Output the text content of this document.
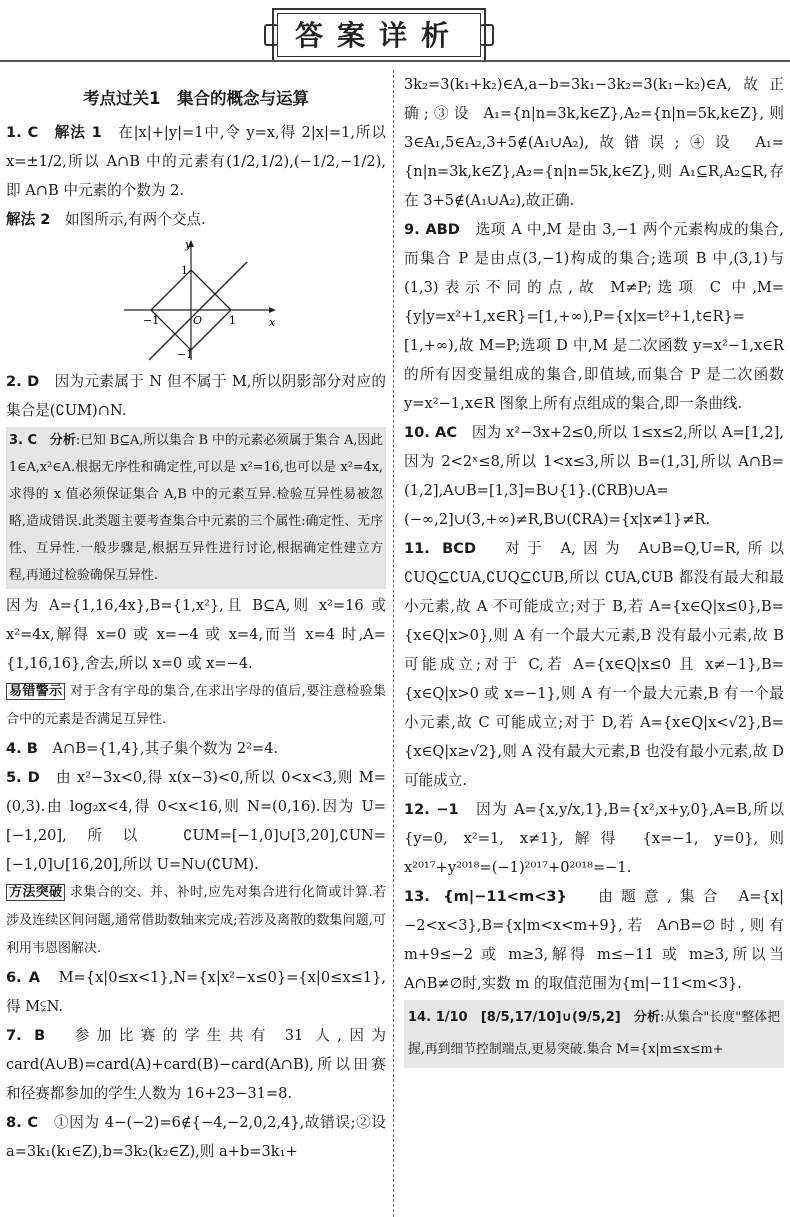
答案详析
考点过关1　集合的概念与运算

1. C　 解法 1　 在|x|+|y|=1中,令 y=x,得 2|x|=1,所以 x=±1/2,所以 A∩B 中的元素有(1/2,1/2),(−1/2,−1/2),即 A∩B 中元素的个数为 2.

解法 2　 如图所示,有两个交点.

y
x
O
1
−1
−1	1

2. D　 因为元素属于 N 但不属于 M,所以阴影部分对应的集合是(∁UM)∩N.

3. C　 分析:已知 B⊆A,所以集合 B 中的元素必须属于集合 A,因此 1∈A,x²∈A.根据无序性和确定性,可以是 x²=16,也可以是 x²=4x,求得的 x 值必须保证集合 A,B 中的元素互异.检验互异性易被忽略,造成错误.此类题主要考查集合中元素的三个属性:确定性、无序性、互异性.一般步骤是,根据互异性进行讨论,根据确定性建立方程,再通过检验确保互异性.

因为 A={1,16,4x},B={1,x²},且 B⊆A,则 x²=16 或 x²=4x,解得 x=0 或 x=−4 或 x=4,而当 x=4 时,A={1,16,16},舍去,所以 x=0 或 x=−4.

易错警示 对于含有字母的集合,在求出字母的值后,要注意检验集合中的元素是否满足互异性.

4. B　 A∩B={1,4},其子集个数为 2²=4.

5. D　 由 x²−3x<0,得 x(x−3)<0,所以 0<x<3,则 M=(0,3).由 log₂x<4,得 0<x<16,则 N=(0,16).因为 U=[−1,20],所以 ∁UM=[−1,0]∪[3,20],∁UN=[−1,0]∪[16,20],所以 U=N∪(∁UM).

方法突破 求集合的交、并、补时,应先对集合进行化简或计算.若涉及连续区间问题,通常借助数轴来完成;若涉及离散的数集问题,可利用韦恩图解决.

6. A　 M={x|0≤x<1},N={x|x²−x≤0}={x|0≤x≤1},得 M⫋N.

7. B　 参加比赛的学生共有 31 人,因为 card(A∪B)=card(A)+card(B)−card(A∩B),所以田赛和径赛都参加的学生人数为 16+23−31=8.

8. C　 ①因为 4−(−2)=6∉{−4,−2,0,2,4},故错误;②设 a=3k₁(k₁∈Z),b=3k₂(k₂∈Z),则 a+b=3k₁+

3k₂=3(k₁+k₂)∈A,a−b=3k₁−3k₂=3(k₁−k₂)∈A,故正确;③设 A₁={n|n=3k,k∈Z},A₂={n|n=5k,k∈Z},则 3∈A₁,5∈A₂,3+5∉(A₁∪A₂),故错误;④设 A₁={n|n=3k,k∈Z},A₂={n|n=5k,k∈Z},则 A₁⊆R,A₂⊆R,存在 3+5∉(A₁∪A₂),故正确.

9. ABD　 选项 A 中,M 是由 3,−1 两个元素构成的集合,而集合 P 是由点(3,−1)构成的集合;选项 B 中,(3,1)与(1,3)表示不同的点,故 M≠P;选项 C 中,M={y|y=x²+1,x∈R}=[1,+∞),P={x|x=t²+1,t∈R}=[1,+∞),故 M=P;选项 D 中,M 是二次函数 y=x²−1,x∈R 的所有因变量组成的集合,即值域,而集合 P 是二次函数 y=x²−1,x∈R 图象上所有点组成的集合,即一条曲线.

10. AC　 因为 x²−3x+2≤0,所以 1≤x≤2,所以 A=[1,2],因为 2<2ˣ≤8,所以 1<x≤3,所以 B=(1,3],所以 A∩B=(1,2],A∪B=[1,3]=B∪{1}.(∁RB)∪A=(−∞,2]∪(3,+∞)≠R,B∪(∁RA)={x|x≠1}≠R.

11. BCD　 对于 A,因为 A∪B=Q,U=R,所以 ∁UQ⊆∁UA,∁UQ⊆∁UB,所以 ∁UA,∁UB 都没有最大和最小元素,故 A 不可能成立;对于 B,若 A={x∈Q|x≤0},B={x∈Q|x>0},则 A 有一个最大元素,B 没有最小元素,故 B 可能成立;对于 C,若 A={x∈Q|x≤0 且 x≠−1},B={x∈Q|x>0 或 x=−1},则 A 有一个最大元素,B 有一个最小元素,故 C 可能成立;对于 D,若 A={x∈Q|x<√2},B={x∈Q|x≥√2},则 A 没有最大元素,B 也没有最小元素,故 D 可能成立.

12. −1　 因为 A={x,y/x,1},B={x²,x+y,0},A=B,所以 {y=0, x²=1, x≠1},解得 {x=−1, y=0},则 x²⁰¹⁷+y²⁰¹⁸=(−1)²⁰¹⁷+0²⁰¹⁸=−1.

13. {m|−11<m<3}　 由题意,集合 A={x|−2<x<3},B={x|m<x<m+9},若 A∩B=∅时,则有 m+9≤−2 或 m≥3,解得 m≤−11 或 m≥3,所以当 A∩B≠∅时,实数 m 的取值范围为{m|−11<m<3}.

14. 1/10　[8/5,17/10]∪(9/5,2]　 分析:从集合"长度"整体把握,再到细节控制端点,更易突破.集合 M={x|m≤x≤m+
